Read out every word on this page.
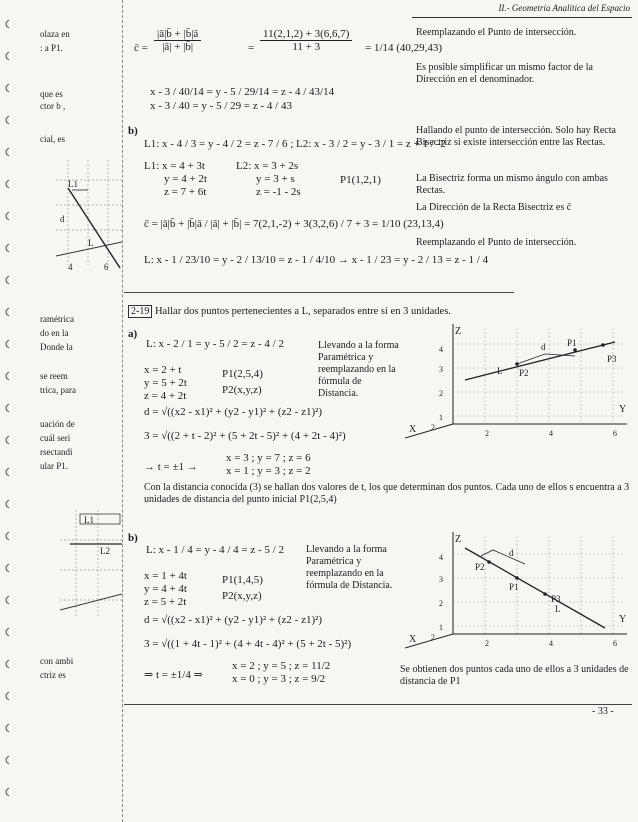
II.- Geometría Analítica del Espacio
olaza en
: a P1.
que es
ctor b ,
cial, es
ramétrica
do en la
Donde la
se reem
trica, para
uación de
cuál seri
rsectandi
ular P1.
con ambi
ctriz es
L1
d
L
4	6
L1
L2
c̄ = $\frac{|ā|b̄ + |b̄|ā}{|ā| + |b̄|}$	= $\frac{11(2,1,2) + 3(6,6,7)}{11 + 3} = 1/14$ (40,29,43)
x - 3 / 40/14 = y - 5 / 29/14 = z - 4 / 43/14
x - 3 / 40 = y - 5 / 29 = z - 4 / 43
Reemplazando el Punto de intersección.
Es posible simplificar un mismo factor de la Dirección en el denominador.
b)
L1: x - 4 / 3 = y - 4 / 2 = z - 7 / 6 ; L2: x - 3 / 2 = y - 3 / 1 = z + 1 / -2
L1: x = 4 + 3t
y = 4 + 2t
z = 7 + 6t
L2: x = 3 + 2s
y = 3 + s
z = -1 - 2s
P1(1,2,1)
c̄ = |ā|b̄ + |b̄|ā / |ā| + |b̄| = 7(2,1,-2) + 3(3,2,6) / 7 + 3 = 1/10 (23,13,4)
L: x - 1 / 23/10 = y - 2 / 13/10 = z - 1 / 4/10 → x - 1 / 23 = y - 2 / 13 = z - 1 / 4
Hallando el punto de intersección. Solo hay Recta Bisectriz si existe intersección entre las Rectas.
La Bisectriz forma un mismo ángulo con ambas Rectas.
La Dirección de la Recta Bisectriz es c̄
Reemplazando el Punto de intersección.
2-19 Hallar dos puntos pertenecientes a L, separados entre sí en 3 unidades.
a)
L: x - 2 / 1 = y - 5 / 2 = z - 4 / 2
x = 2 + t
y = 5 + 2t
z = 4 + 2t
P1(2,5,4)
P2(x,y,z)
Llevando a la forma Paramétrica y reemplazando en la fórmula de Distancia.
d = √((x2 - x1)² + (y2 - y1)² + (z2 - z1)²)
3 = √((2 + t - 2)² + (5 + 2t - 5)² + (4 + 2t - 4)²)
→ t = ±1 →
x = 3 ; y = 7 ; z = 6
x = 1 ; y = 3 ; z = 2
Con la distancia conocida (3) se hallan dos valores de t, los que determinan dos puntos. Cada uno de ellos s encuentra a 3 unidades de distancia del punto inicial P1(2,5,4)
Z
Y
X
4
3
2
1
2	4	6
2
P1
P2
P3
d
L
b)
L: x - 1 / 4 = y - 4 / 4 = z - 5 / 2
x = 1 + 4t
y = 4 + 4t
z = 5 + 2t
P1(1,4,5)
P2(x,y,z)
Llevando a la forma Paramétrica y reemplazando en la fórmula de Distancia.
d = √((x2 - x1)² + (y2 - y1)² + (z2 - z1)²)
3 = √((1 + 4t - 1)² + (4 + 4t - 4)² + (5 + 2t - 5)²)
⇒ t = ±1/4 ⇒
x = 2 ; y = 5 ; z = 11/2
x = 0 ; y = 3 ; z = 9/2
Se obtienen dos puntos cada uno de ellos a 3 unidades de distancia de P1
Z
Y
X
4
3
2
1
2	4	6
2
P2
P1
P3
d
L
- 33 -
